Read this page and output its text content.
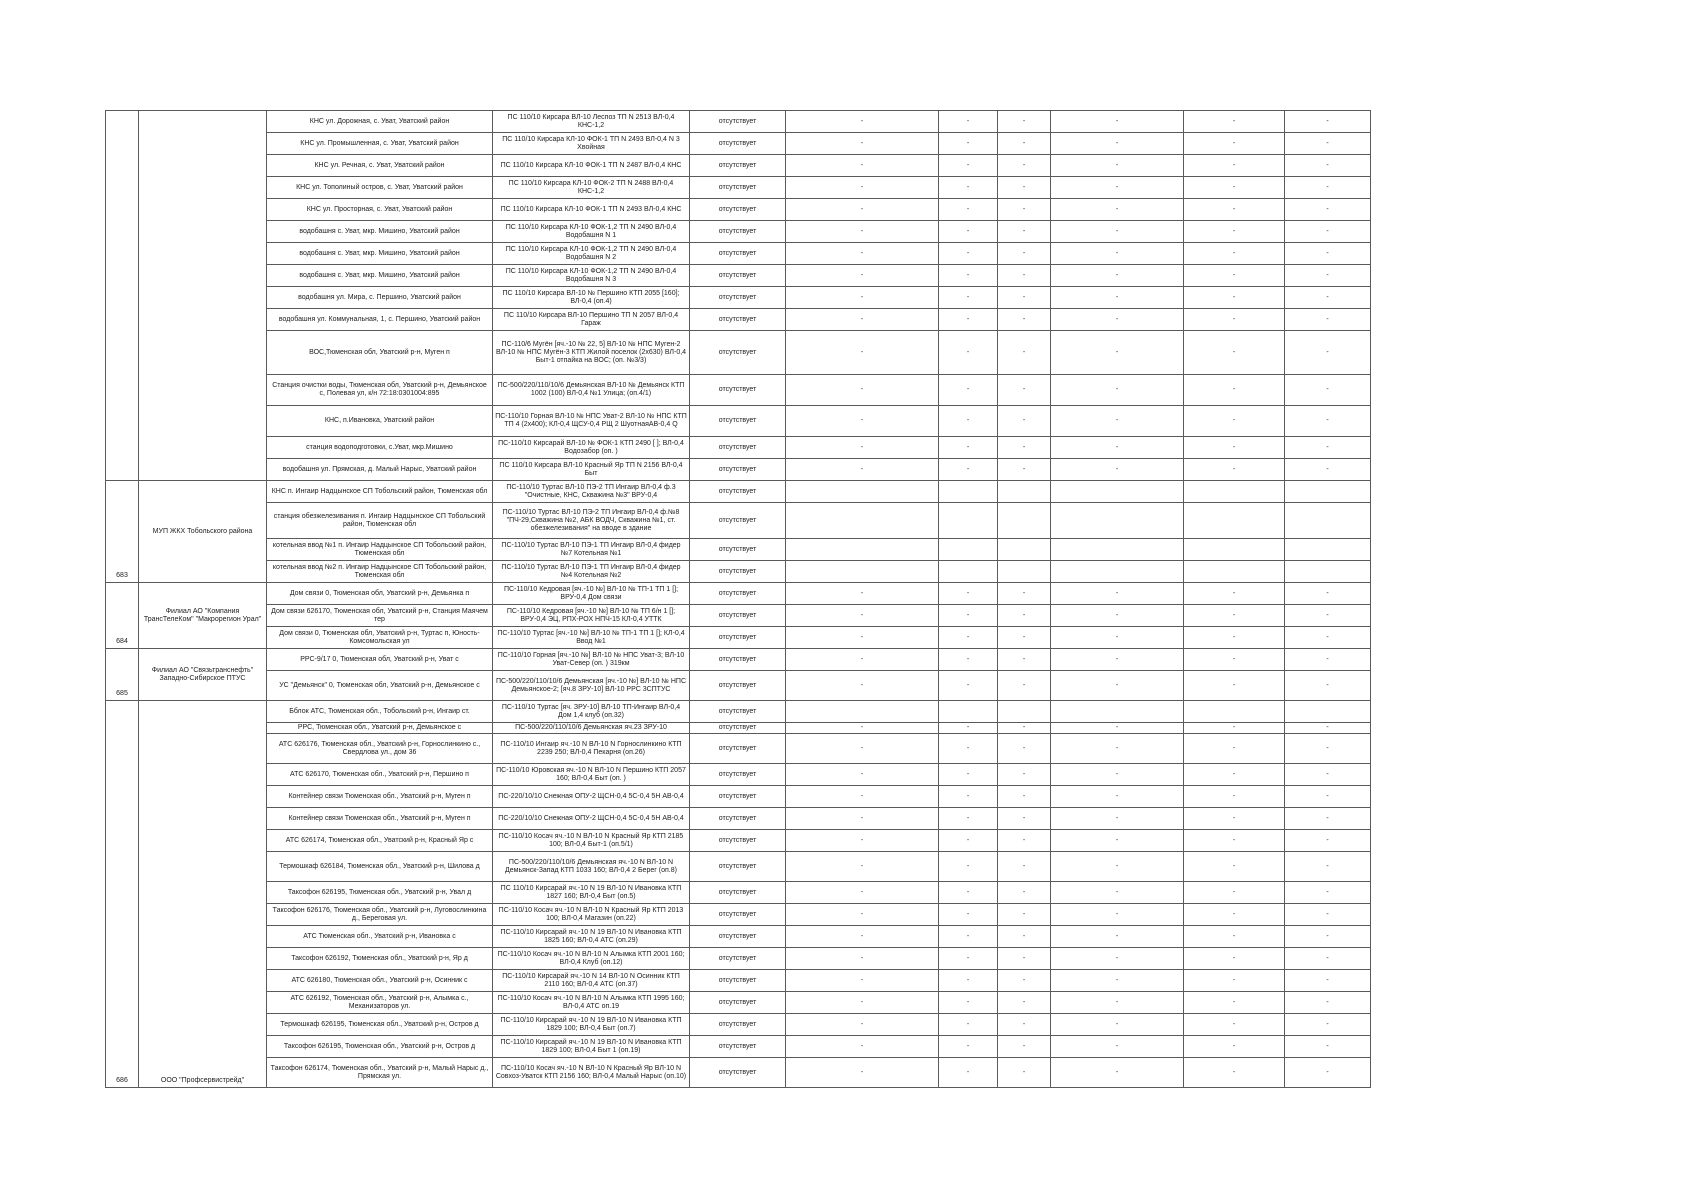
		КНС ул. Дорожная, с. Уват, Уватский район	ПС 110/10 Кирсара ВЛ-10 Леспоз ТП N 2513 ВЛ-0,4 КНС-1,2	отсутствует	-	-	-	-	-	-
		КНС ул. Промышленная, с. Уват, Уватский район	ПС 110/10 Кирсара КЛ-10 ФОК-1 ТП N 2493 ВЛ-0,4 N 3 Хвойная	отсутствует	-	-	-	-	-	-
		КНС ул. Речная, с. Уват, Уватский район	ПС 110/10 Кирсара КЛ-10 ФОК-1 ТП N 2487 ВЛ-0,4 КНС	отсутствует	-	-	-	-	-	-
		КНС ул. Тополиный остров, с. Уват, Уватский район	ПС 110/10 Кирсара КЛ-10 ФОК-2 ТП N 2488 ВЛ-0,4 КНС-1,2	отсутствует	-	-	-	-	-	-
		КНС ул. Просторная, с. Уват, Уватский район	ПС 110/10 Кирсара КЛ-10 ФОК-1 ТП N 2493 ВЛ-0,4 КНС	отсутствует	-	-	-	-	-	-
		водобашня с. Уват, мкр. Мишино, Уватский район	ПС 110/10 Кирсара КЛ-10 ФОК-1,2 ТП N 2490 ВЛ-0,4 Водобашня N 1	отсутствует	-	-	-	-	-	-
		водобашня с. Уват, мкр. Мишино, Уватский район	ПС 110/10 Кирсара КЛ-10 ФОК-1,2 ТП N 2490 ВЛ-0,4 Водобашня N 2	отсутствует	-	-	-	-	-	-
		водобашня с. Уват, мкр. Мишино, Уватский район	ПС 110/10 Кирсара КЛ-10 ФОК-1,2 ТП N 2490 ВЛ-0,4 Водобашня N 3	отсутствует	-	-	-	-	-	-
		водобашня ул. Мира, с. Першино, Уватский район	ПС 110/10 Кирсара ВЛ-10 № Першино КТП 2055 [160]; ВЛ-0,4 (оп.4)	отсутствует	-	-	-	-	-	-
		водобашня ул. Коммунальная, 1, с. Першино, Уватский район	ПС 110/10 Кирсара ВЛ-10 Першино ТП N 2057 ВЛ-0,4 Гараж	отсутствует	-	-	-	-	-	-
		ВОС,Тюменская обл, Уватский р-н, Муген п	ПС-110/6 Мугён [яч.-10 № 22, 5] ВЛ-10 № НПС Муген-2 ВЛ-10 № НПС Мугён-3 КТП Жилой поселок (2х630) ВЛ-0,4 Быт-1 отпайка на ВОС; (оп. №3/3)	отсутствует	-	-	-	-	-	-
		Станция очистки воды, Тюменская обл, Уватский р-н, Демьянское с, Полевая ул, к/н 72:18:0301004:895	ПС-500/220/110/10/6 Демьянская ВЛ-10 № Демьянск КТП 1002 (100) ВЛ-0,4 №1 Улица; (оп.4/1)	отсутствует	-	-	-	-	-	-
		КНС, п.Ивановка, Уватский район	ПС-110/10 Горная ВЛ-10 № НПС Уват-2 ВЛ-10 № НПС КТП ТП 4 (2х400); КЛ-0,4 ЩСУ-0,4 РЩ 2 ШуотнаяАВ-0,4 Q	отсутствует	-	-	-	-	-	-
		станция водоподготовки, с.Уват, мкр.Мишино	ПС-110/10 Кирсарай ВЛ-10 № ФОК-1 КТП 2490 [ ]; ВЛ-0,4 Водозабор (оп. )	отсутствует	-	-	-	-	-	-
		водобашня ул. Прямская, д. Малый Нарыс, Уватский район	ПС 110/10 Кирсара ВЛ-10 Красный Яр ТП N 2156 ВЛ-0,4 Быт	отсутствует	-	-	-	-	-	-
683	МУП ЖКХ Тобольского района	КНС п. Ингаир Надцынское СП Тобольский район, Тюменская обл	ПС-110/10 Туртас ВЛ-10 ПЭ-2 ТП Ингаир ВЛ-0,4 ф.3 "Очистные, КНС, Скважина №3" ВРУ-0,4	отсутствует						
		станция обезжелезивания п. Ингаир Надцынское СП Тобольский район, Тюменская обл	ПС-110/10 Туртас ВЛ-10 ПЭ-2 ТП Ингаир ВЛ-0,4 ф.№8 "ПЧ-29,Скважина №2, АБК ВОДЧ, Скважина №1, ст. обезжелезивания" на вводе в здание	отсутствует						
		котельная ввод №1 п. Ингаир Надцынское СП Тобольский район, Тюменская обл	ПС-110/10 Туртас ВЛ-10 ПЭ-1 ТП Ингаир ВЛ-0,4 фидер №7 Котельная №1	отсутствует						
		котельная ввод №2 п. Ингаир Надцынское СП Тобольский район, Тюменская обл	ПС-110/10 Туртас ВЛ-10 ПЭ-1 ТП Ингаир ВЛ-0,4 фидер №4 Котельная №2	отсутствует						
684	Филиал АО "Компания ТрансТелеКом" "Макрорегион Урал"	Дом связи 0, Тюменская обл, Уватский р-н, Демьянка п	ПС-110/10 Кедровая [яч.-10 №] ВЛ-10 № ТП-1 ТП 1 []; ВРУ-0,4 Дом связи	отсутствует	-	-	-	-	-	-
		Дом связи 626170, Тюменская обл, Уватский р-н, Станция Маячем тер	ПС-110/10 Кедровая [яч.-10 №] ВЛ-10 № ТП 6/н 1 []; ВРУ-0,4 ЭЦ, РПХ-РОХ НПЧ-15 КЛ-0,4 УТТК	отсутствует	-	-	-	-	-	-
		Дом связи 0, Тюменская обл, Уватский р-н, Туртас п, Юность-Комсомольская ул	ПС-110/10 Туртас [яч.-10 №] ВЛ-10 № ТП-1 ТП 1 []; КЛ-0,4 Ввод №1	отсутствует	-	-	-	-	-	-
685	Филиал АО "Связьтранснефть" Западно-Сибирское ПТУС	РРС-9/17 0, Тюменская обл, Уватский р-н, Уват с	ПС-110/10 Горная [яч.-10 №] ВЛ-10 № НПС Уват-3; ВЛ-10 Уват-Север (оп. ) 319км	отсутствует	-	-	-	-	-	-
		УС "Демьянск" 0, Тюменская обл, Уватский р-н, Демьянское с	ПС-500/220/110/10/6 Демьянская [яч.-10 №] ВЛ-10 № НПС Демьянское-2; [яч.8 ЗРУ-10] ВЛ-10 РРС 3СПТУС	отсутствует	-	-	-	-	-	-
686	ООО "Профсервистрейд"	Бблок АТС, Тюменская обл., Тобольский р-н, Ингаир ст.	ПС-110/10 Туртас [яч. ЗРУ-10] ВЛ-10 ТП-Ингаир ВЛ-0,4 Дом 1,4 клуб (оп.32)	отсутствует						
		РРС, Тюменская обл., Уватский р-н, Демьянское с	ПС-500/220/110/10/6 Демьянская яч.23 ЗРУ-10	отсутствует	-	-	-	-	-	-
		АТС 626176, Тюменская обл., Уватский р-н, Горнослинкино с., Свердлова ул., дом 36	ПС-110/10 Ингаир яч.-10 N ВЛ-10 N Горнослинкино КТП 2239 250; ВЛ-0,4 Пекарня (оп.26)	отсутствует	-	-	-	-	-	-
		АТС 626170, Тюменская обл., Уватский р-н, Першино п	ПС-110/10 Юровская яч.-10 N ВЛ-10 N Першино КТП 2057 160; ВЛ-0,4 Быт (оп. )	отсутствует	-	-	-	-	-	-
		Контейнер связи Тюменская обл., Уватский р-н, Муген п	ПС-220/10/10 Снежная ОПУ-2 ЩСН-0,4 5С-0,4 5Н АВ-0,4	отсутствует	-	-	-	-	-	-
		Контейнер связи Тюменская обл., Уватский р-н, Муген п	ПС-220/10/10 Снежная ОПУ-2 ЩСН-0,4 5С-0,4 5Н АВ-0,4	отсутствует	-	-	-	-	-	-
		АТС 626174, Тюменская обл., Уватский р-н, Красный Яр с	ПС-110/10 Косач яч.-10 N ВЛ-10 N Красный Яр КТП 2185 100; ВЛ-0,4 Быт-1 (оп.5/1)	отсутствует	-	-	-	-	-	-
		Термошкаф 626184, Тюменская обл., Уватский р-н, Шилова д	ПС-500/220/110/10/6 Демьянская яч.-10 N ВЛ-10 N Демьянск-Запад КТП 1033 160; ВЛ-0,4 2 Берег (оп.8)	отсутствует	-	-	-	-	-	-
		Таксофон 626195, Тюменская обл., Уватский р-н, Увал д	ПС 110/10 Кирсарай яч.-10 N 19 ВЛ-10 N Ивановка КТП 1827 160; ВЛ-0,4 Быт (оп.5)	отсутствует	-	-	-	-	-	-
		Таксофон 626176, Тюменская обл., Уватский р-н, Луговослинкина д., Береговая ул.	ПС-110/10 Косач яч.-10 N ВЛ-10 N Красный Яр КТП 2013 100; ВЛ-0,4 Магазин (оп.22)	отсутствует	-	-	-	-	-	-
		АТС Тюменская обл., Уватский р-н, Ивановка с	ПС-110/10 Кирсарай яч.-10 N 19 ВЛ-10 N Ивановка КТП 1825 160; ВЛ-0,4 АТС (оп.29)	отсутствует	-	-	-	-	-	-
		Таксофон 626192, Тюменская обл., Уватский р-н, Яр д	ПС-110/10 Косач яч.-10 N ВЛ-10 N Алымка КТП 2001 160; ВЛ-0,4 Клуб (оп.12)	отсутствует	-	-	-	-	-	-
		АТС 626180, Тюменская обл., Уватский р-н, Осинник с	ПС-110/10 Кирсарай яч.-10 N 14 ВЛ-10 N Осинник КТП 2110 160; ВЛ-0,4 АТС (оп.37)	отсутствует	-	-	-	-	-	-
		АТС 626192, Тюменская обл., Уватский р-н, Алымка с., Механизаторов ул.	ПС-110/10 Косач яч.-10 N ВЛ-10 N Алымка КТП 1995 160; ВЛ-0,4 АТС оп.19	отсутствует	-	-	-	-	-	-
		Термошкаф 626195, Тюменская обл., Уватский р-н, Остров д	ПС-110/10 Кирсарай яч.-10 N 19 ВЛ-10 N Ивановка КТП 1829 100; ВЛ-0,4 Быт (оп.7)	отсутствует	-	-	-	-	-	-
		Таксофон 626195, Тюменская обл., Уватский р-н, Остров д	ПС-110/10 Кирсарай яч.-10 N 19 ВЛ-10 N Ивановка КТП 1829 100; ВЛ-0,4 Быт 1 (оп.19)	отсутствует	-	-	-	-	-	-
		Таксофон 626174, Тюменская обл., Уватский р-н, Малый Нарыс д., Прямская ул.	ПС-110/10 Косач яч.-10 N ВЛ-10 N Красный Яр ВЛ-10 N Совхоз-Уватск КТП 2156 160; ВЛ-0,4 Малый Нарыс (оп.10)	отсутствует	-	-	-	-	-	-
